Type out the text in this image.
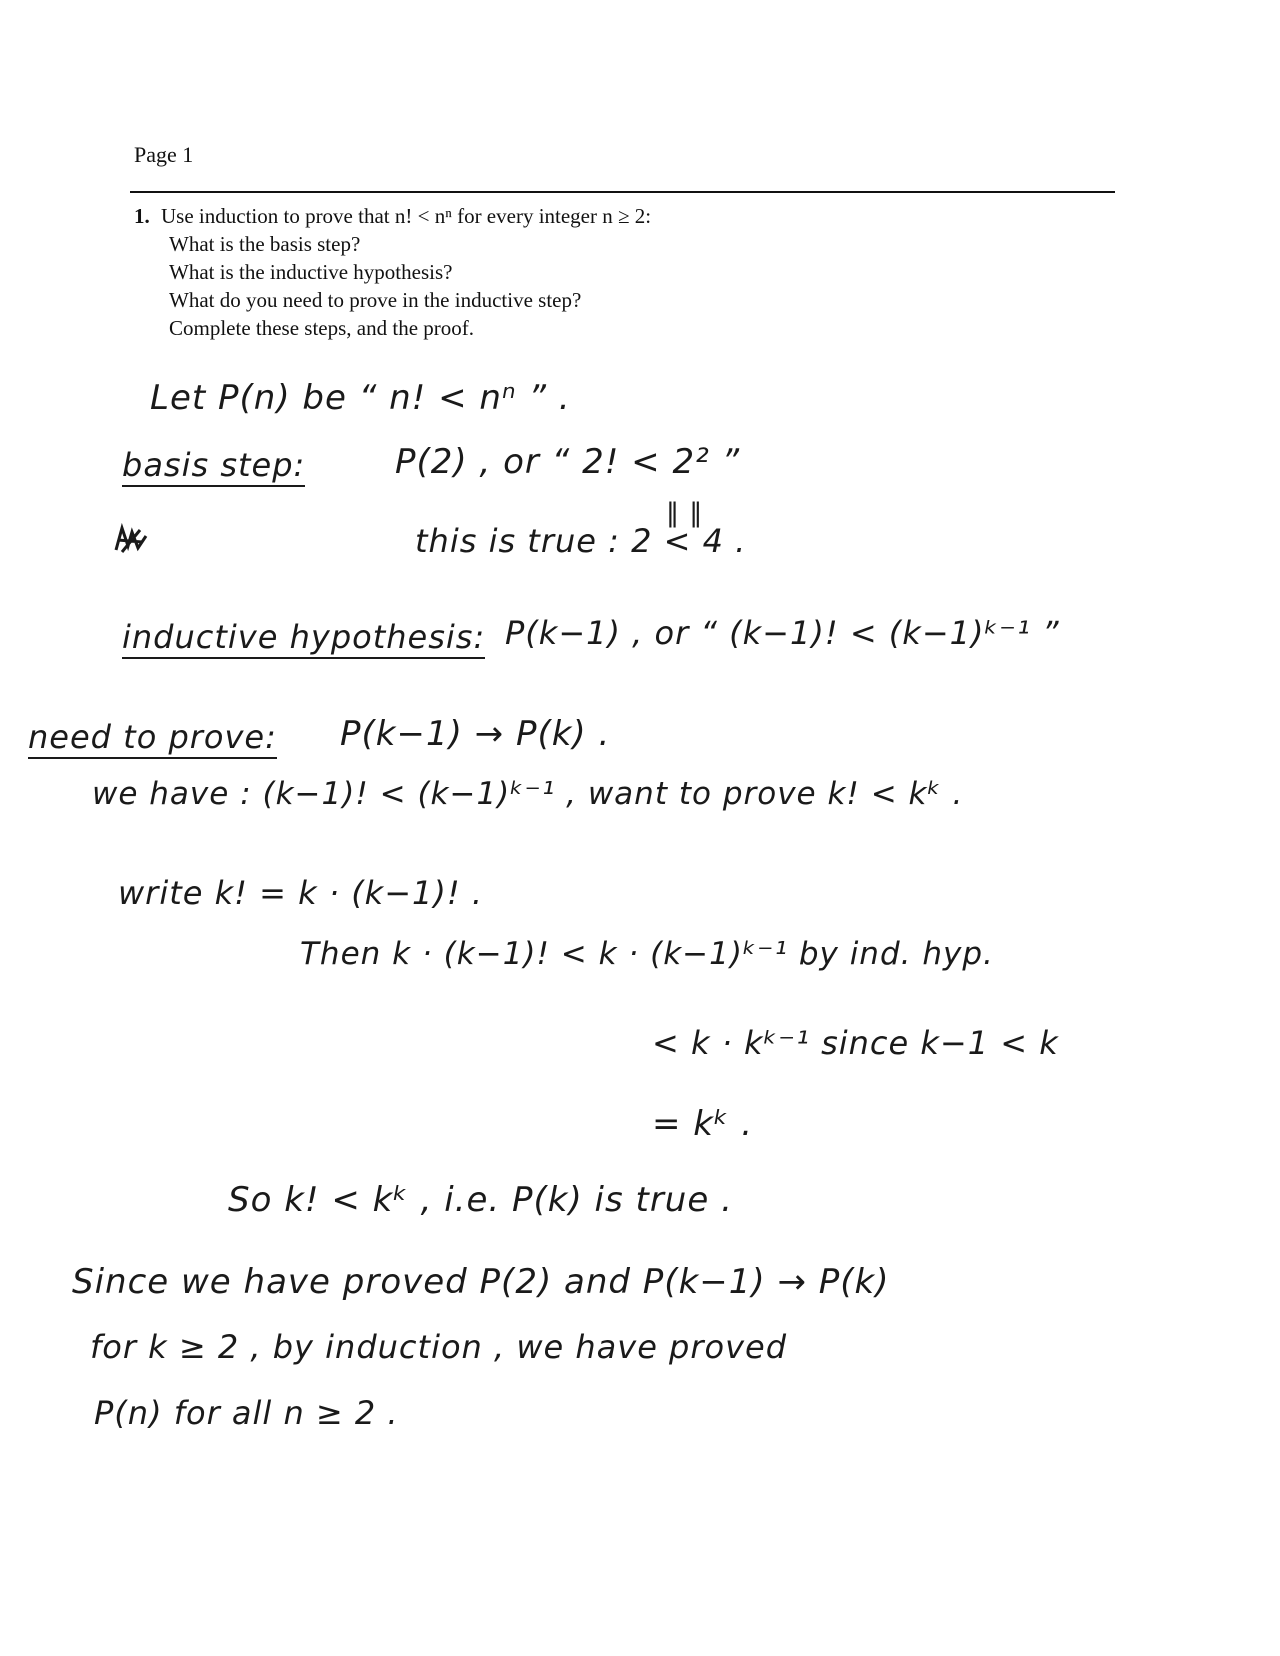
Page 1
1. Use induction to prove that n! < nⁿ for every integer n ≥ 2:
What is the basis step?
What is the inductive hypothesis?
What do you need to prove in the inductive step?
Complete these steps, and the proof.
Let P(n) be “ n! < nⁿ ” .
basis step:	P(2) , or “ 2! < 2² ”
‖ ‖
this is true : 2 < 4 .
inductive hypothesis: P(k−1) , or “ (k−1)! < (k−1)ᵏ⁻¹ ”
need to prove: P(k−1) → P(k) .
we have : (k−1)! < (k−1)ᵏ⁻¹ , want to prove k! < kᵏ .
write k! = k · (k−1)! .
Then k · (k−1)! < k · (k−1)ᵏ⁻¹ by ind. hyp.
< k · kᵏ⁻¹ since k−1 < k
= kᵏ .
So k! < kᵏ , i.e. P(k) is true .
Since we have proved P(2) and P(k−1) → P(k)
for k ≥ 2 , by induction , we have proved
P(n) for all n ≥ 2 .
